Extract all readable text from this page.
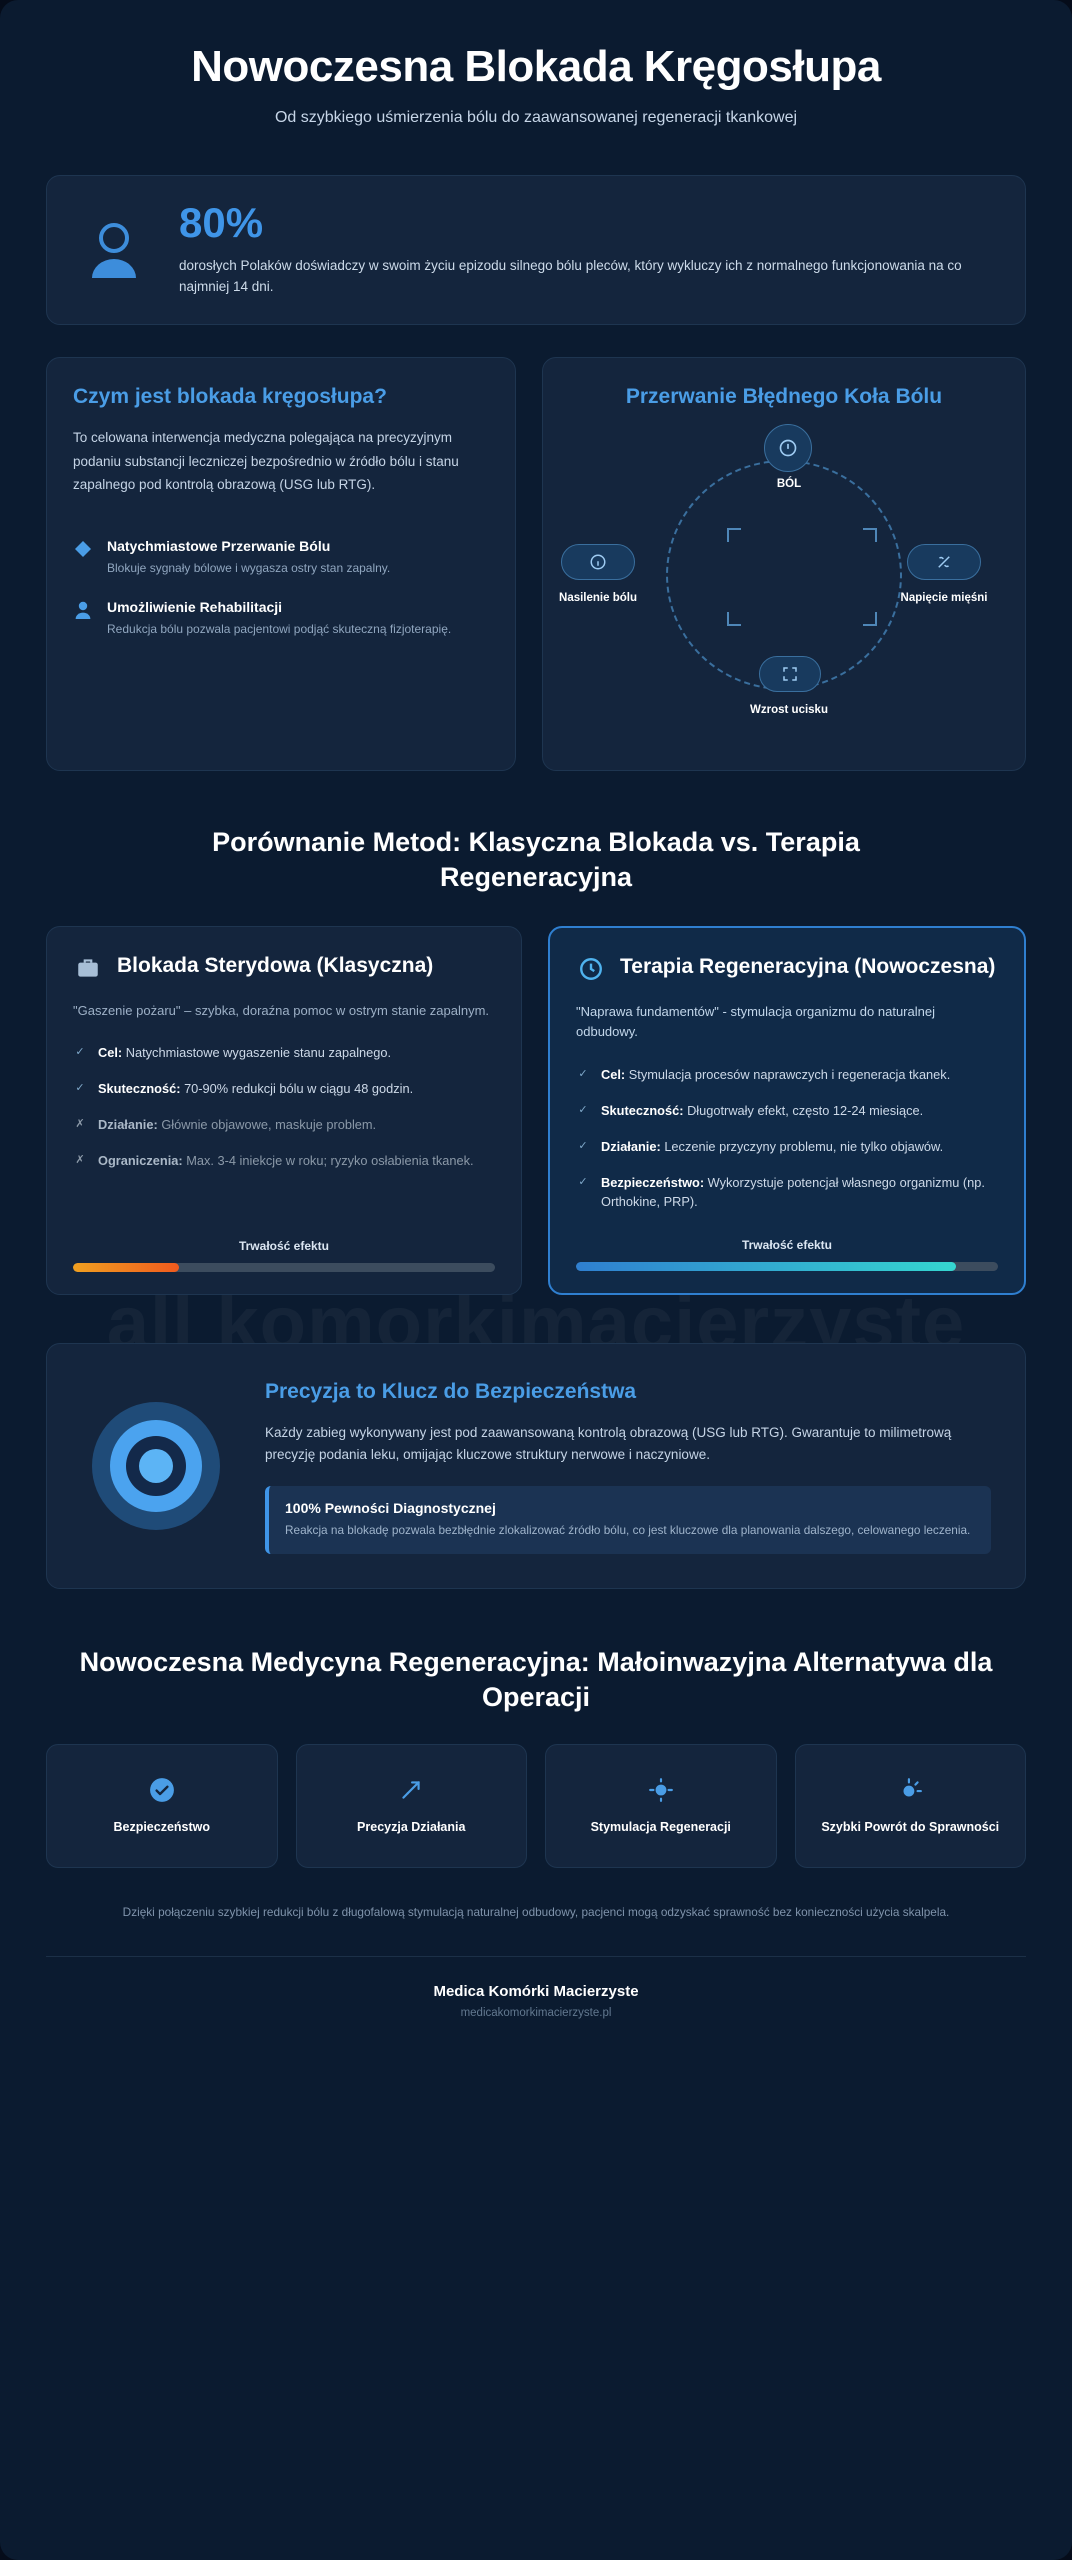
Nowoczesna Blokada Kręgosłupa

Od szybkiego uśmierzenia bólu do zaawansowanej regeneracji tkankowej

80%
dorosłych Polaków doświadczy w swoim życiu epizodu silnego bólu pleców, który wykluczy ich z normalnego funkcjonowania na co najmniej 14 dni.
Czym jest blokada kręgosłupa?

To celowana interwencja medyczna polegająca na precyzyjnym podaniu substancji leczniczej bezpośrednio w źródło bólu i stanu zapalnego pod kontrolą obrazową (USG lub RTG).

Natychmiastowe Przerwanie Bólu

Blokuje sygnały bólowe i wygasza ostry stan zapalny.

Umożliwienie Rehabilitacji

Redukcja bólu pozwala pacjentowi podjąć skuteczną fizjoterapię.

Przerwanie Błędnego Koła Bólu
BÓL
Nasilenie bólu	Napięcie mięśni
Wzrost ucisku
Porównanie Metod: Klasyczna Blokada vs. Terapia Regeneracyjna
Blokada Sterydowa (Klasyczna)
"Gaszenie pożaru" – szybka, doraźna pomoc w ostrym stanie zapalnym.
✓ Cel: Natychmiastowe wygaszenie stanu zapalnego.

✓ Skuteczność: 70-90% redukcji bólu w ciągu 48 godzin.

✗ Działanie: Głównie objawowe, maskuje problem.

✗ Ograniczenia: Max. 3-4 iniekcje w roku; ryzyko osłabienia tkanek.

Trwałość efektu
Terapia Regeneracyjna (Nowoczesna)
"Naprawa fundamentów" - stymulacja organizmu do naturalnej odbudowy.
✓ Cel: Stymulacja procesów naprawczych i regeneracja tkanek.

✓ Skuteczność: Długotrwały efekt, często 12-24 miesiące.

✓ Działanie: Leczenie przyczyny problemu, nie tylko objawów.

✓ Bezpieczeństwo: Wykorzystuje potencjał własnego organizmu (np. Orthokine, PRP).

Trwałość efektu
Precyzja to Klucz do Bezpieczeństwa

Każdy zabieg wykonywany jest pod zaawansowaną kontrolą obrazową (USG lub RTG). Gwarantuje to milimetrową precyzję podania leku, omijając kluczowe struktury nerwowe i naczyniowe.

100% Pewności Diagnostycznej

Reakcja na blokadę pozwala bezbłędnie zlokalizować źródło bólu, co jest kluczowe dla planowania dalszego, celowanego leczenia.

Nowoczesna Medycyna Regeneracyjna: Małoinwazyjna Alternatywa dla Operacji
Bezpieczeństwo	Precyzja Działania	Stymulacja Regeneracji	Szybki Powrót do Sprawności
Dzięki połączeniu szybkiej redukcji bólu z długofalową stymulacją naturalnej odbudowy, pacjenci mogą odzyskać sprawność bez konieczności użycia skalpela.
Medica Komórki Macierzyste
medicakomorkimacierzyste.pl
